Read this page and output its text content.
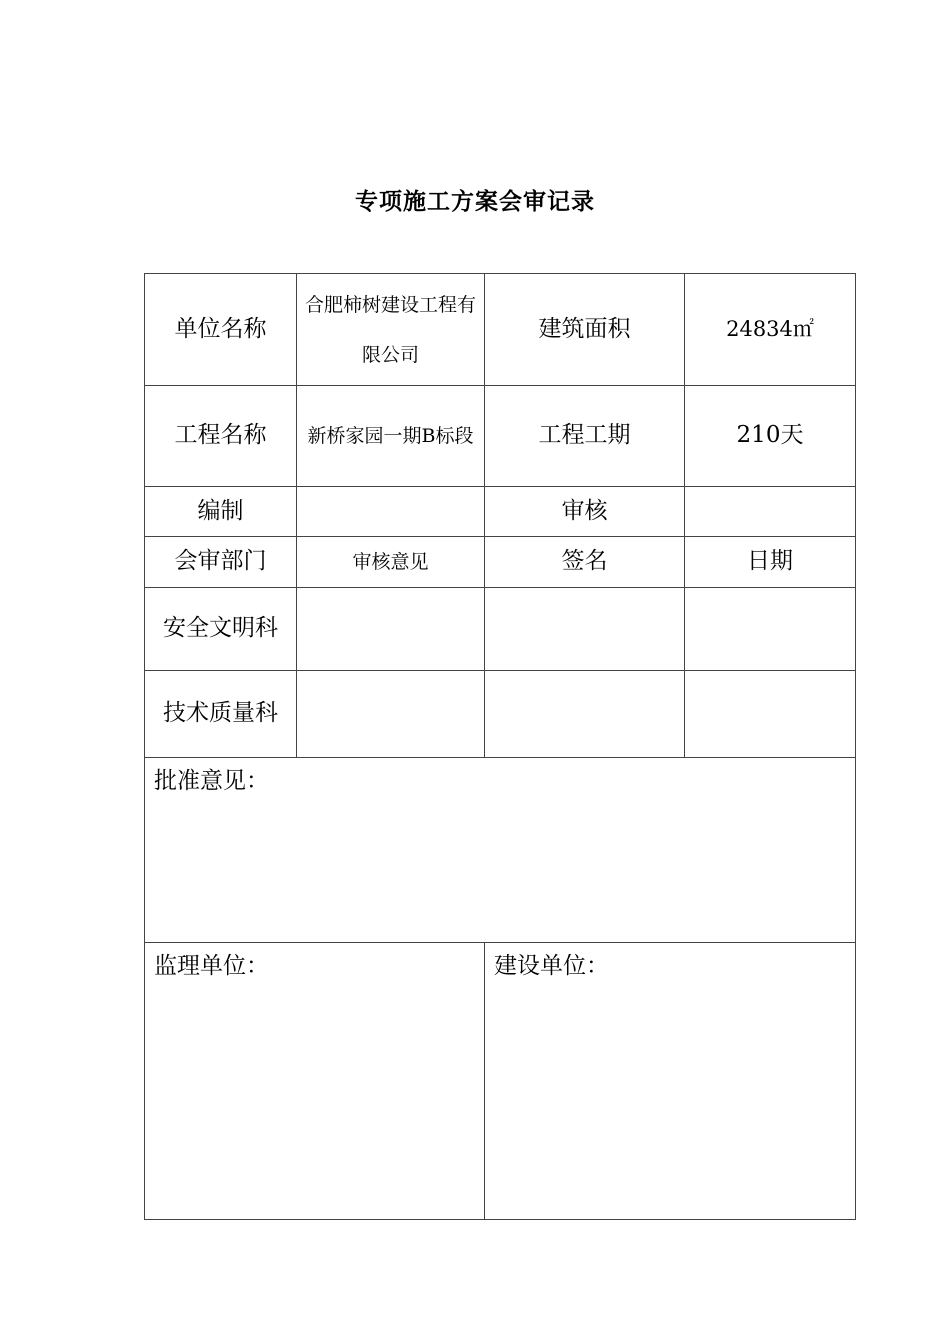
专项施工方案会审记录
单位名称	合肥柿树建设工程有限公司	建筑面积	24834㎡
工程名称	新桥家园一期B标段	工程工期	210天
编制		审核	
会审部门	审核意见	签名	日期
安全文明科			
技术质量科			
批准意见：			
监理单位：		建设单位：	
